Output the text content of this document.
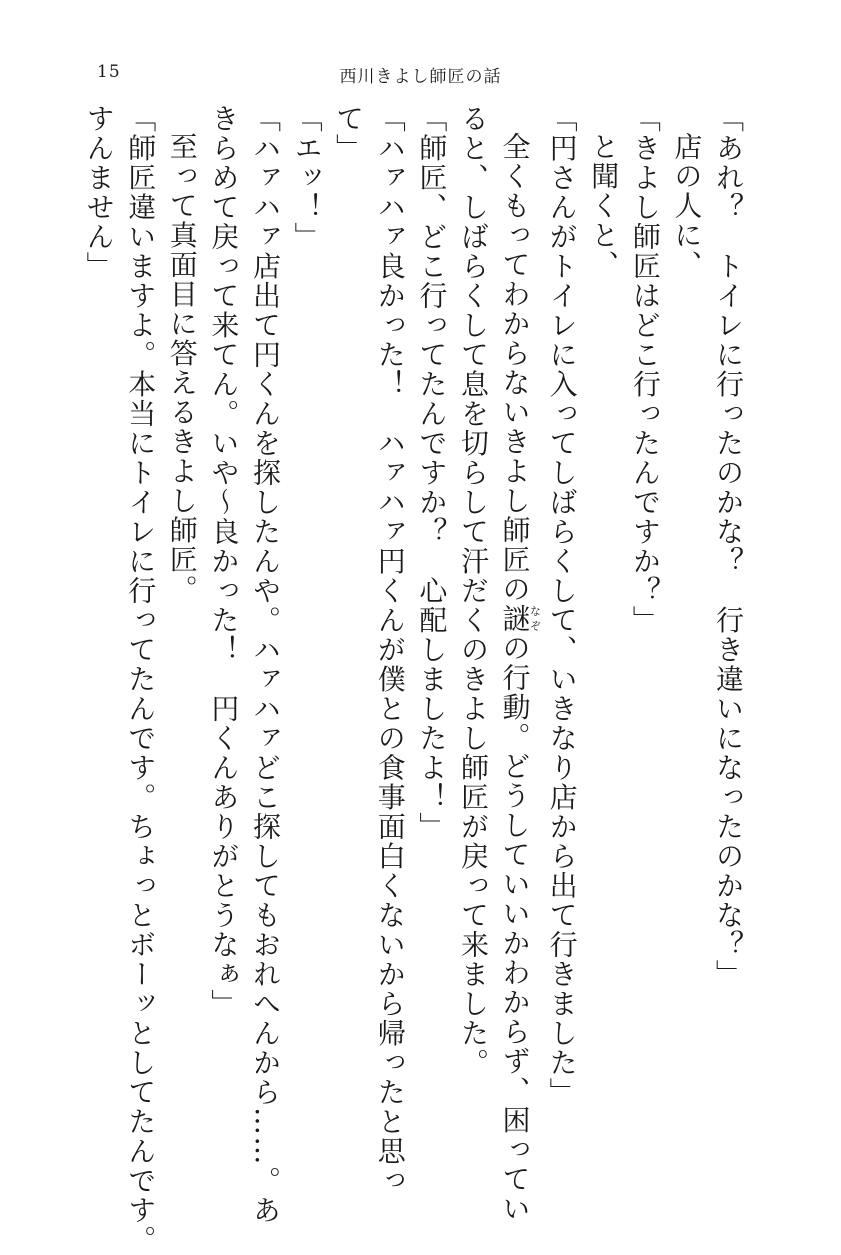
15	西川きよし師匠の話
「あれ？　トイレに行ったのかな？　行き違いになったのかな？」
店の人に、
「きよし師匠はどこ行ったんですか？」
と聞くと、
「円さんがトイレに入ってしばらくして、いきなり店から出て行きました」
全くもってわからないきよし師匠の謎なぞの行動。どうしていいかわからず、困ってい
ると、しばらくして息を切らして汗だくのきよし師匠が戻って来ました。
「師匠、どこ行ってたんですか？　心配しましたよ！」
「ハァハァ良かった！　ハァハァ円くんが僕との食事面白くないから帰ったと思っ
て」
「エッ！」
「ハァハァ店出て円くんを探したんや。ハァハァどこ探してもおれへんから……。あ
きらめて戻って来てん。いや～良かった！　円くんありがとうなぁ」
至って真面目に答えるきよし師匠。
「師匠違いますよ。本当にトイレに行ってたんです。ちょっとボーッとしてたんです。
すんません」
